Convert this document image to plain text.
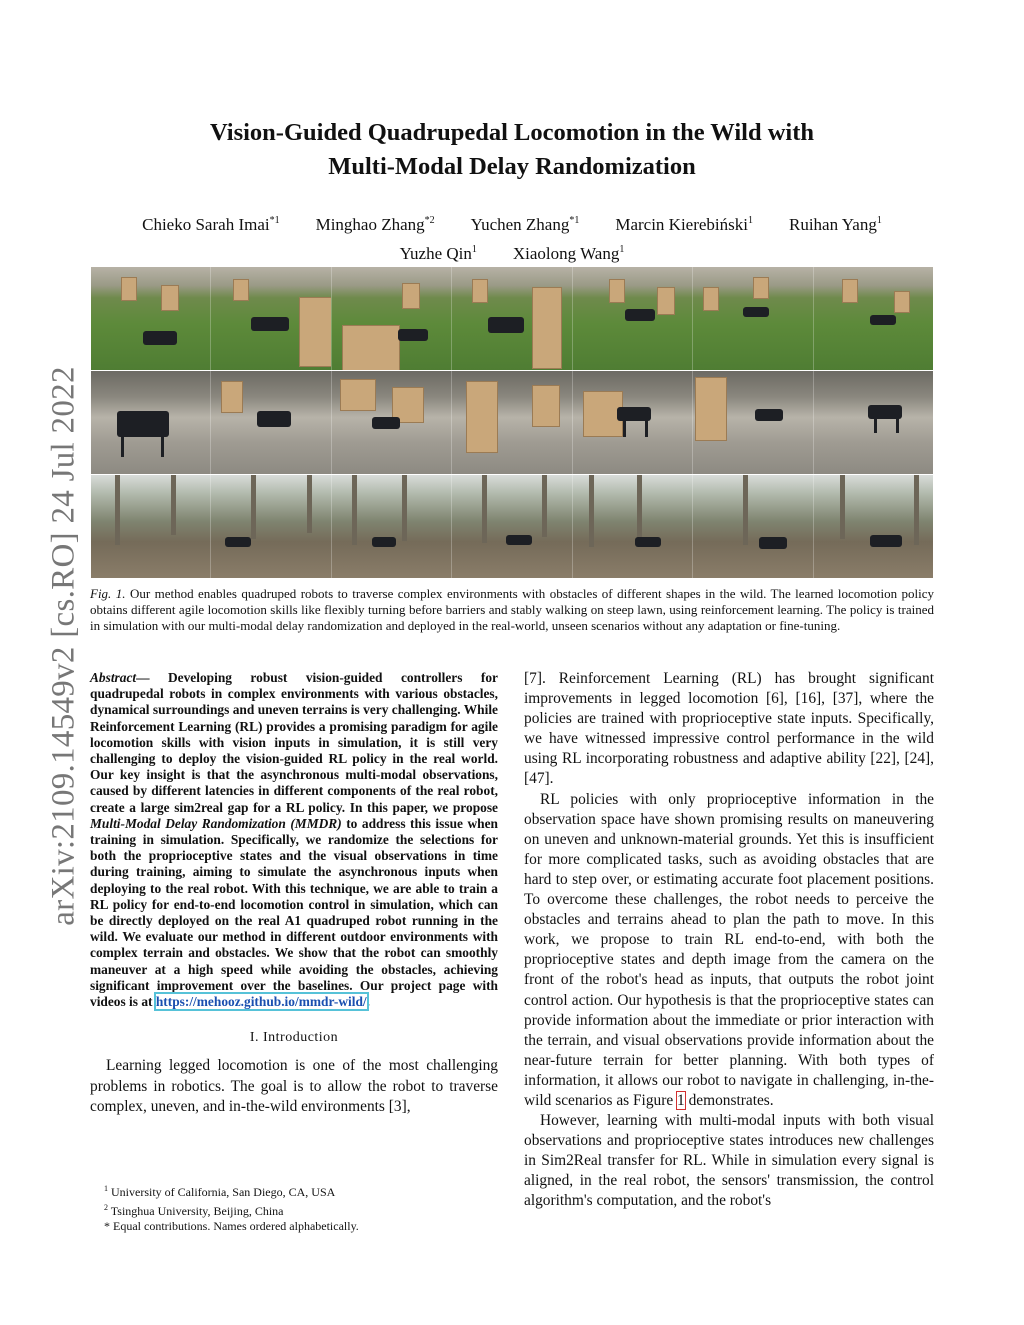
arXiv:2109.14549v2 [cs.RO] 24 Jul 2022
Vision-Guided Quadrupedal Locomotion in the Wild with
Multi-Modal Delay Randomization
Chieko Sarah Imai$^{*1}$ Minghao Zhang$^{*2}$ Yuchen Zhang$^{*1}$ Marcin Kierebiński$^1$ Ruihan Yang$^1$
Yuzhe Qin$^1$ Xiaolong Wang$^1$
Fig. 1. Our method enables quadruped robots to traverse complex environments with obstacles of different shapes in the wild. The learned locomotion policy obtains different agile locomotion skills like flexibly turning before barriers and stably walking on steep lawn, using reinforcement learning. The policy is trained in simulation with our multi-modal delay randomization and deployed in the real-world, unseen scenarios without any adaptation or fine-tuning.
Abstract— Developing robust vision-guided controllers for quadrupedal robots in complex environments with various obstacles, dynamical surroundings and uneven terrains is very challenging. While Reinforcement Learning (RL) provides a promising paradigm for agile locomotion skills with vision inputs in simulation, it is still very challenging to deploy the vision-guided RL policy in the real world. Our key insight is that the asynchronous multi-modal observations, caused by different latencies in different components of the real robot, create a large sim2real gap for a RL policy. In this paper, we propose Multi-Modal Delay Randomization (MMDR) to address this issue when training in simulation. Specifically, we randomize the selections for both the proprioceptive states and the visual observations in time during training, aiming to simulate the asynchronous inputs when deploying to the real robot. With this technique, we are able to train a RL policy for end-to-end locomotion control in simulation, which can be directly deployed on the real A1 quadruped robot running in the wild. We evaluate our method in different outdoor environments with complex terrain and obstacles. We show that the robot can smoothly maneuver at a high speed while avoiding the obstacles, achieving significant improvement over the baselines. Our project page with videos is at https://mehooz.github.io/mmdr-wild/.
I. Introduction

Learning legged locomotion is one of the most challenging problems in robotics. The goal is to allow the robot to traverse complex, uneven, and in-the-wild environments [3],

$^1$ University of California, San Diego, CA, USA
$^2$ Tsinghua University, Beijing, China
* Equal contributions. Names ordered alphabetically.

[7]. Reinforcement Learning (RL) has brought significant improvements in legged locomotion [6], [16], [37], where the policies are trained with proprioceptive state inputs. Specifically, we have witnessed impressive control performance in the wild using RL incorporating robustness and adaptive ability [22], [24], [47].

RL policies with only proprioceptive information in the observation space have shown promising results on maneuvering on uneven and unknown-material grounds. Yet this is insufficient for more complicated tasks, such as avoiding obstacles that are hard to step over, or estimating accurate foot placement positions. To overcome these challenges, the robot needs to perceive the obstacles and terrains ahead to plan the path to move. In this work, we propose to train RL end-to-end, with both the proprioceptive states and depth image from the camera on the front of the robot's head as inputs, that outputs the robot joint control action. Our hypothesis is that the proprioceptive states can provide information about the immediate or prior interaction with the terrain, and visual observations provide information about the near-future terrain for better planning. With both types of information, it allows our robot to navigate in challenging, in-the-wild scenarios as Figure 1 demonstrates.

However, learning with multi-modal inputs with both visual observations and proprioceptive states introduces new challenges in Sim2Real transfer for RL. While in simulation every signal is aligned, in the real robot, the sensors' transmission, the control algorithm's computation, and the robot's
